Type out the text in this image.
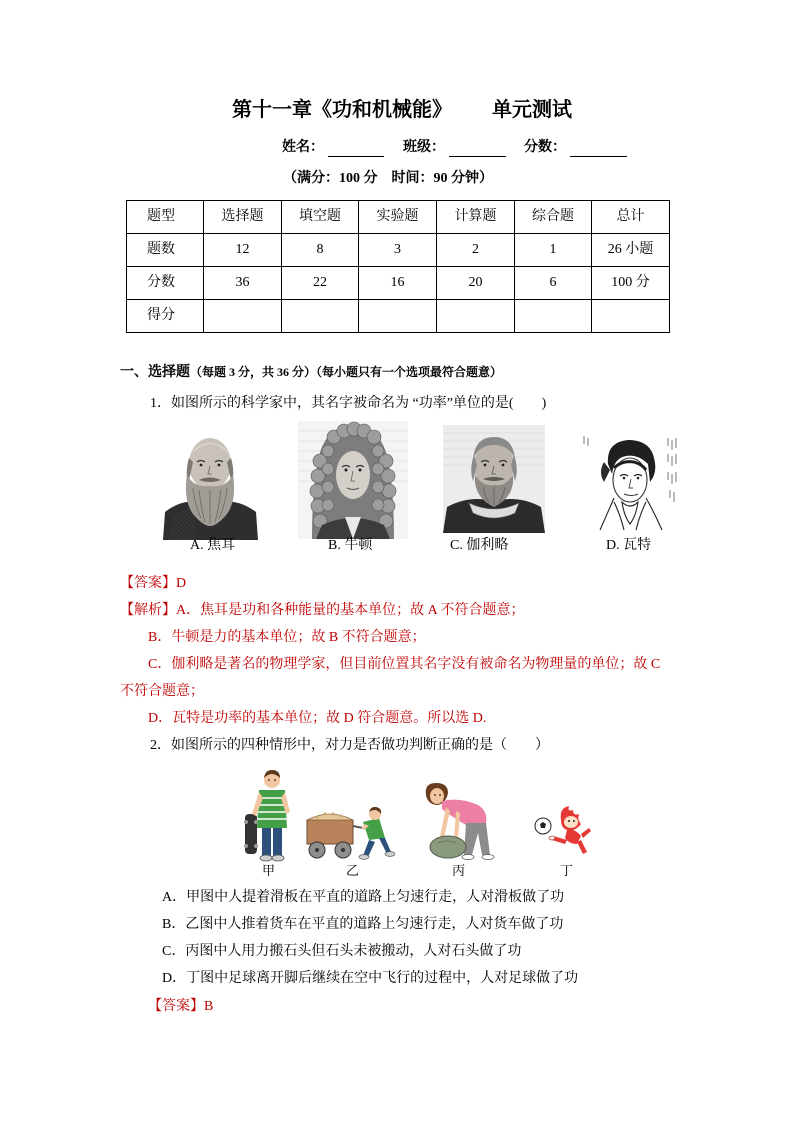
第十一章《功和机械能》 单元测试
姓名：	班级：	分数：
（满分：100 分　时间：90 分钟）
题型	选择题	填空题	实验题	计算题	综合题	总计
题数	12	8	3	2	1	26 小题
分数	36	22	16	20	6	100 分
得分						
一、选择题（每题 3 分，共 36 分）（每小题只有一个选项最符合题意）
1．如图所示的科学家中，其名字被命名为 “功率”单位的是(　　)
A. 焦耳	B. 牛顿	C. 伽利略	D. 瓦特
【答案】D
【解析】A．焦耳是功和各种能量的基本单位；故 A 不符合题意；
B．牛顿是力的基本单位；故 B 不符合题意；
C．伽利略是著名的物理学家，但目前位置其名字没有被命名为物理量的单位；故 C
不符合题意；
D．瓦特是功率的基本单位；故 D 符合题意。所以选 D.
2．如图所示的四种情形中，对力是否做功判断正确的是（　　）
甲	乙	丙	丁
A．甲图中人提着滑板在平直的道路上匀速行走，人对滑板做了功
B．乙图中人推着货车在平直的道路上匀速行走，人对货车做了功
C．丙图中人用力搬石头但石头未被搬动，人对石头做了功
D．丁图中足球离开脚后继续在空中飞行的过程中，人对足球做了功
【答案】B
